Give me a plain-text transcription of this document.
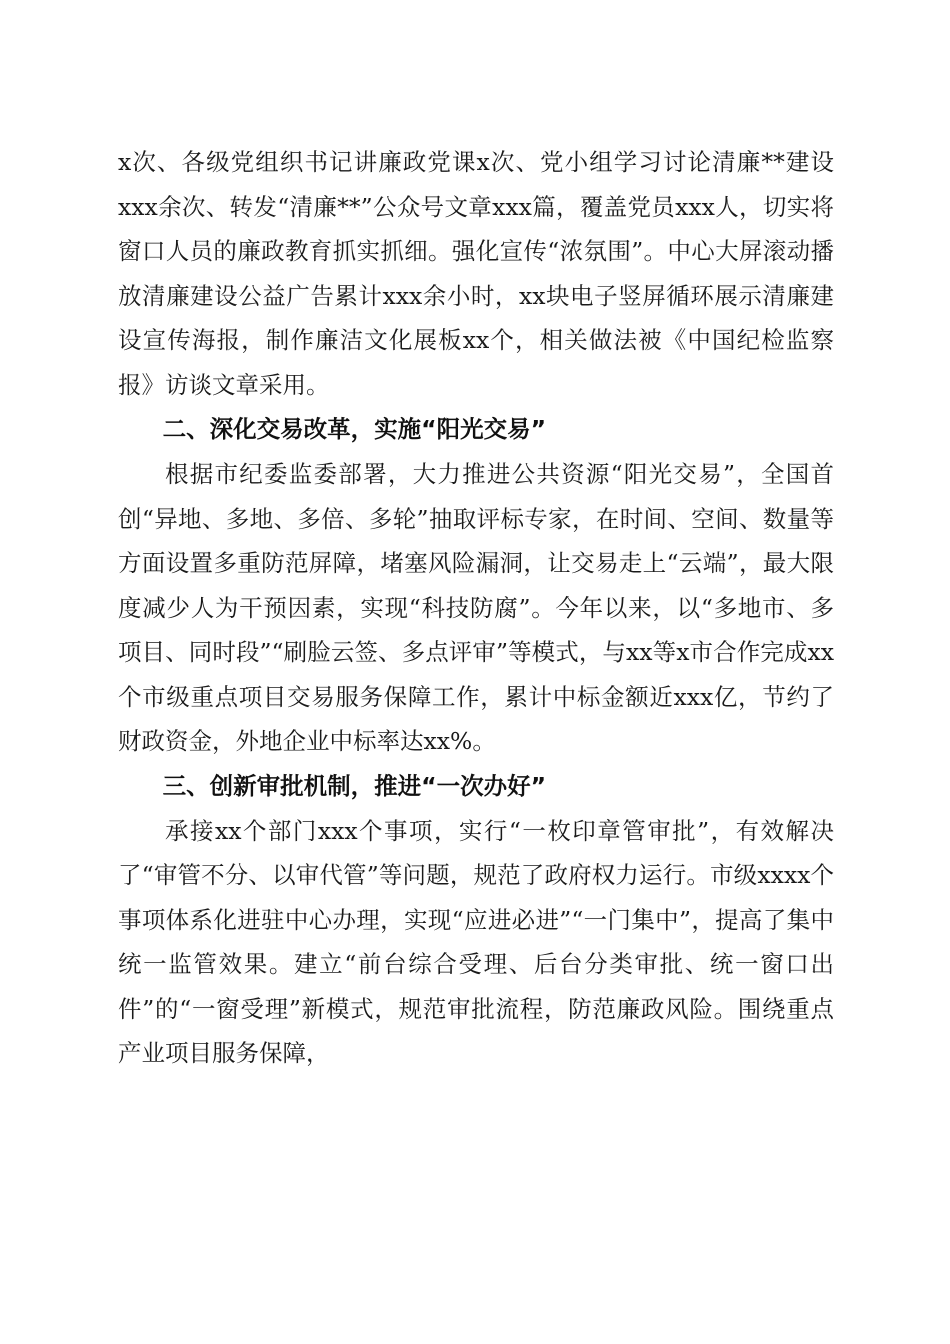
x次、各级党组织书记讲廉政党课x次、党小组学习讨论清廉**建设xxx余次、转发“清廉**”公众号文章xxx篇，覆盖党员xxx人，切实将窗口人员的廉政教育抓实抓细。强化宣传“浓氛围”。中心大屏滚动播放清廉建设公益广告累计xxx余小时，xx块电子竖屏循环展示清廉建设宣传海报，制作廉洁文化展板xx个，相关做法被《中国纪检监察报》访谈文章采用。

二、深化交易改革，实施“阳光交易”

根据市纪委监委部署，大力推进公共资源“阳光交易”，全国首创“异地、多地、多倍、多轮”抽取评标专家，在时间、空间、数量等方面设置多重防范屏障，堵塞风险漏洞，让交易走上“云端”，最大限度减少人为干预因素，实现“科技防腐”。今年以来，以“多地市、多项目、同时段”“刷脸云签、多点评审”等模式，与xx等x市合作完成xx个市级重点项目交易服务保障工作，累计中标金额近xxx亿，节约了财政资金，外地企业中标率达xx%。

三、创新审批机制，推进“一次办好”

承接xx个部门xxx个事项，实行“一枚印章管审批”，有效解决了“审管不分、以审代管”等问题，规范了政府权力运行。市级xxxx个事项体系化进驻中心办理，实现“应进必进”“一门集中”，提高了集中统一监管效果。建立“前台综合受理、后台分类审批、统一窗口出件”的“一窗受理”新模式，规范审批流程，防范廉政风险。围绕重点产业项目服务保障，
